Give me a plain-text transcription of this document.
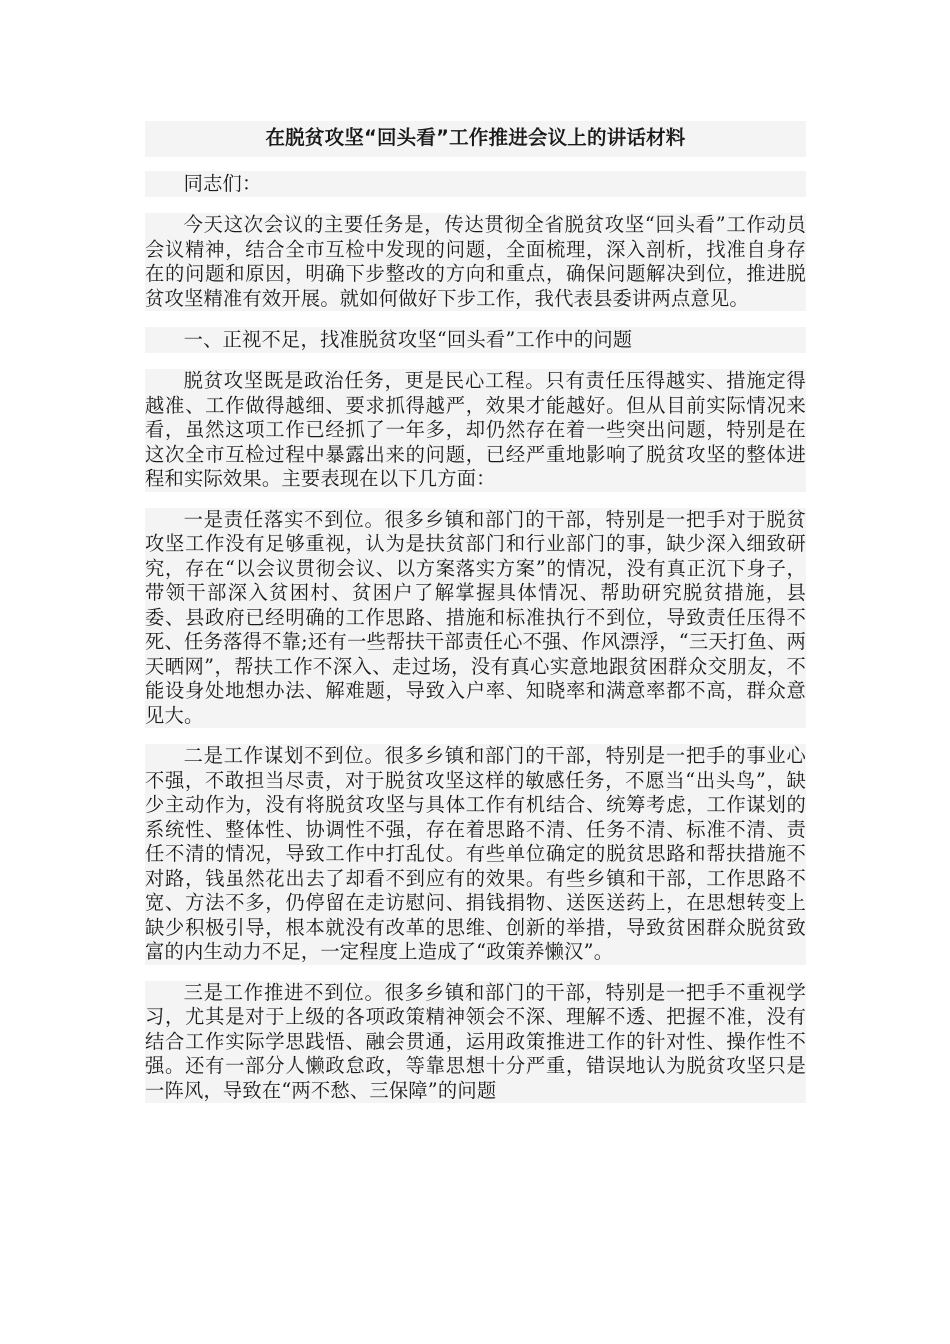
在脱贫攻坚“回头看”工作推进会议上的讲话材料

同志们：

今天这次会议的主要任务是，传达贯彻全省脱贫攻坚“回头看”工作动员会议精神，结合全市互检中发现的问题，全面梳理，深入剖析，找准自身存在的问题和原因，明确下步整改的方向和重点，确保问题解决到位，推进脱贫攻坚精准有效开展。就如何做好下步工作，我代表县委讲两点意见。

一、正视不足，找准脱贫攻坚“回头看”工作中的问题

脱贫攻坚既是政治任务，更是民心工程。只有责任压得越实、措施定得越准、工作做得越细、要求抓得越严，效果才能越好。但从目前实际情况来看，虽然这项工作已经抓了一年多，却仍然存在着一些突出问题，特别是在这次全市互检过程中暴露出来的问题，已经严重地影响了脱贫攻坚的整体进程和实际效果。主要表现在以下几方面：

一是责任落实不到位。很多乡镇和部门的干部，特别是一把手对于脱贫攻坚工作没有足够重视，认为是扶贫部门和行业部门的事，缺少深入细致研究，存在“以会议贯彻会议、以方案落实方案”的情况，没有真正沉下身子，带领干部深入贫困村、贫困户了解掌握具体情况、帮助研究脱贫措施，县委、县政府已经明确的工作思路、措施和标准执行不到位，导致责任压得不死、任务落得不靠;还有一些帮扶干部责任心不强、作风漂浮，“三天打鱼、两天晒网”，帮扶工作不深入、走过场，没有真心实意地跟贫困群众交朋友，不能设身处地想办法、解难题，导致入户率、知晓率和满意率都不高，群众意见大。

二是工作谋划不到位。很多乡镇和部门的干部，特别是一把手的事业心不强，不敢担当尽责，对于脱贫攻坚这样的敏感任务，不愿当“出头鸟”，缺少主动作为，没有将脱贫攻坚与具体工作有机结合、统筹考虑，工作谋划的系统性、整体性、协调性不强，存在着思路不清、任务不清、标准不清、责任不清的情况，导致工作中打乱仗。有些单位确定的脱贫思路和帮扶措施不对路，钱虽然花出去了却看不到应有的效果。有些乡镇和干部，工作思路不宽、方法不多，仍停留在走访慰问、捐钱捐物、送医送药上，在思想转变上缺少积极引导，根本就没有改革的思维、创新的举措，导致贫困群众脱贫致富的内生动力不足，一定程度上造成了“政策养懒汉”。

三是工作推进不到位。很多乡镇和部门的干部，特别是一把手不重视学习，尤其是对于上级的各项政策精神领会不深、理解不透、把握不准，没有结合工作实际学思践悟、融会贯通，运用政策推进工作的针对性、操作性不强。还有一部分人懒政怠政，等靠思想十分严重，错误地认为脱贫攻坚只是一阵风，导致在“两不愁、三保障”的问题
